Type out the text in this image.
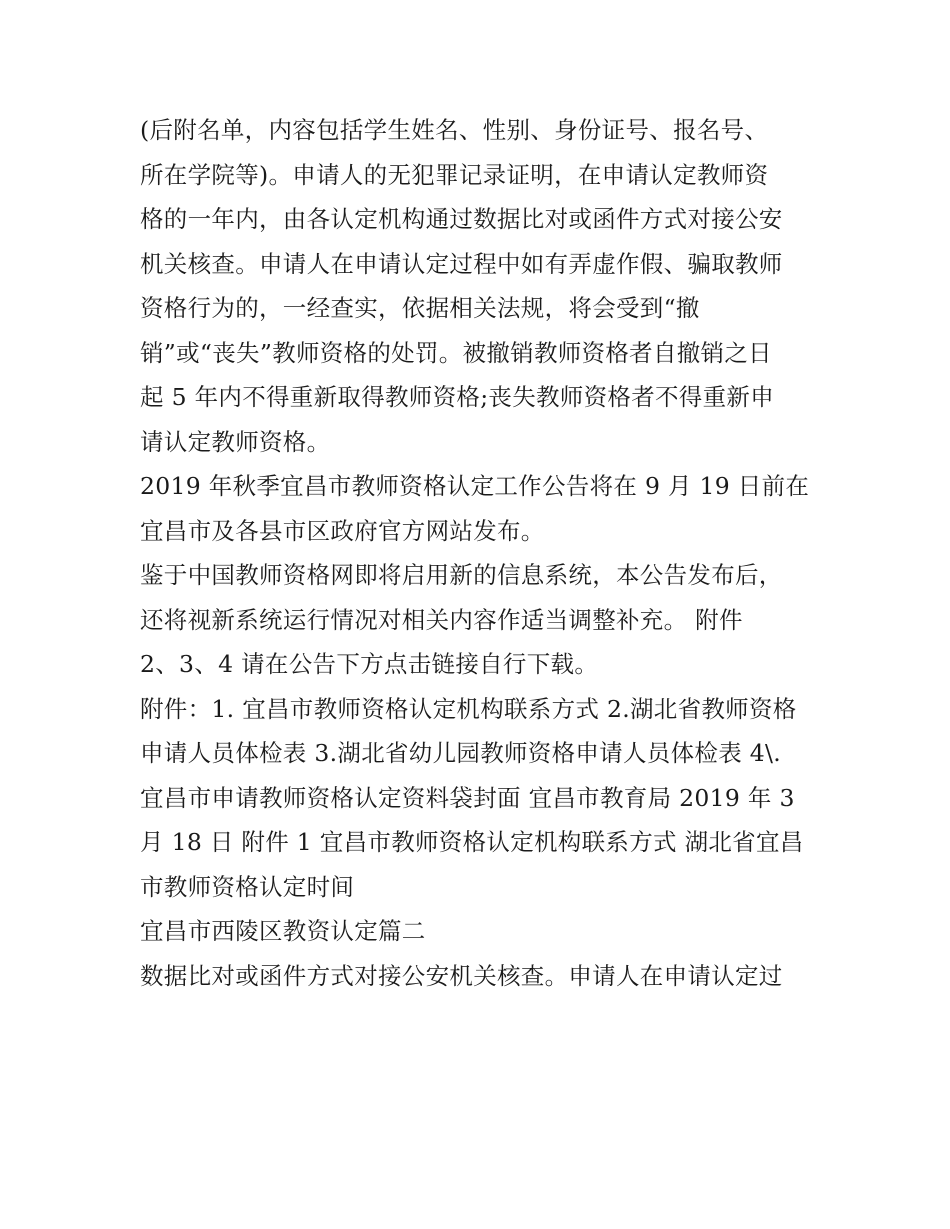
(后附名单，内容包括学生姓名、性别、身份证号、报名号、
所在学院等)。申请人的无犯罪记录证明，在申请认定教师资
格的一年内，由各认定机构通过数据比对或函件方式对接公安
机关核查。申请人在申请认定过程中如有弄虚作假、骗取教师
资格行为的，一经查实，依据相关法规，将会受到“撤
销”或“丧失”教师资格的处罚。被撤销教师资格者自撤销之日
起 5 年内不得重新取得教师资格;丧失教师资格者不得重新申
请认定教师资格。
2019 年秋季宜昌市教师资格认定工作公告将在 9 月 19 日前在
宜昌市及各县市区政府官方网站发布。
鉴于中国教师资格网即将启用新的信息系统，本公告发布后，
还将视新系统运行情况对相关内容作适当调整补充。 附件
2、3、4 请在公告下方点击链接自行下载。
附件：1. 宜昌市教师资格认定机构联系方式 2.湖北省教师资格
申请人员体检表 3.湖北省幼儿园教师资格申请人员体检表 4\.
宜昌市申请教师资格认定资料袋封面 宜昌市教育局 2019 年 3
月 18 日 附件 1 宜昌市教师资格认定机构联系方式 湖北省宜昌
市教师资格认定时间
宜昌市西陵区教资认定篇二
数据比对或函件方式对接公安机关核查。申请人在申请认定过
